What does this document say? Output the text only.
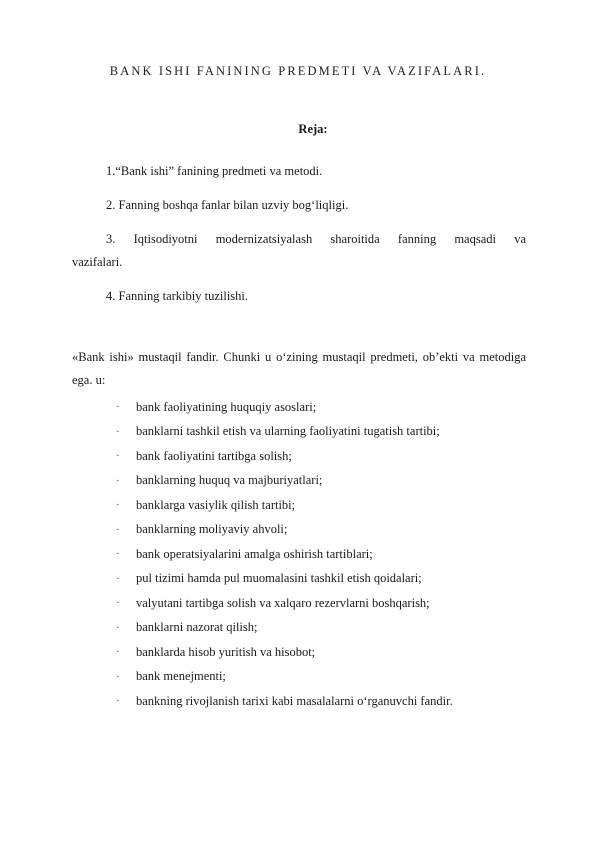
BANK ISHI FANINING PREDMETI VA VAZIFALARI.
Reja:
1.“Bank ishi” fanining predmeti va metodi.
2. Fanning boshqa fanlar bilan uzviy bog‘liqligi.
3. Iqtisodiyotni modernizatsiyalash sharoitida fanning maqsadi va
vazifalari.
4. Fanning tarkibiy tuzilishi.
«Bank ishi» mustaqil fandir. Chunki u o‘zining mustaqil predmeti, ob’ekti va metodiga ega. u:
·	bank faoliyatining huquqiy asoslari;
·	banklarni tashkil etish va ularning faoliyatini tugatish tartibi;
·	bank faoliyatini tartibga solish;
·	banklarning huquq va majburiyatlari;
·	banklarga vasiylik qilish tartibi;
·	banklarning moliyaviy ahvoli;
·	bank operatsiyalarini amalga oshirish tartiblari;
·	pul tizimi hamda pul muomalasini tashkil etish qoidalari;
·	valyutani tartibga solish va xalqaro rezervlarni boshqarish;
·	banklarni nazorat qilish;
·	banklarda hisob yuritish va hisobot;
·	bank menejmenti;
·	bankning rivojlanish tarixi kabi masalalarni o‘rganuvchi fandir.
